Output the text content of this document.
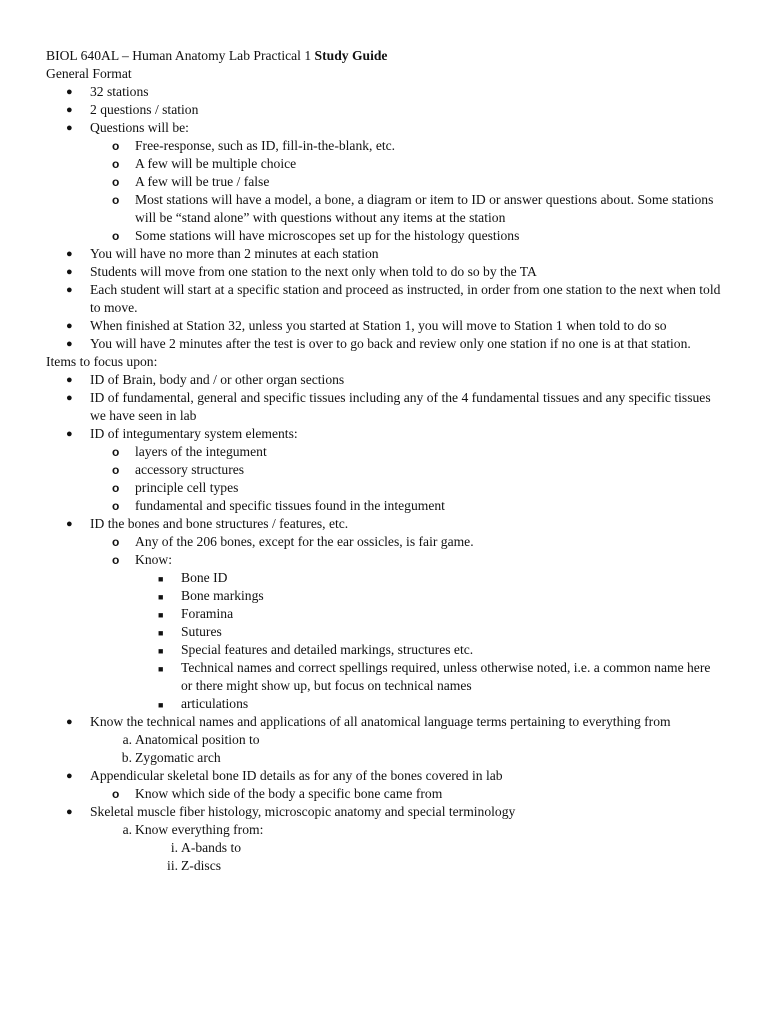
BIOL 640AL – Human Anatomy Lab Practical 1 Study Guide
General Format
● 32 stations
● 2 questions / station
● Questions will be:
o Free-response, such as ID, fill-in-the-blank, etc.
o A few will be multiple choice
o A few will be true / false
o Most stations will have a model, a bone, a diagram or item to ID or answer questions about. Some stations will be “stand alone” with questions without any items at the station
o Some stations will have microscopes set up for the histology questions
● You will have no more than 2 minutes at each station
● Students will move from one station to the next only when told to do so by the TA
● Each student will start at a specific station and proceed as instructed, in order from one station to the next when told to move.
● When finished at Station 32, unless you started at Station 1, you will move to Station 1 when told to do so
● You will have 2 minutes after the test is over to go back and review only one station if no one is at that station.
Items to focus upon:
● ID of Brain, body and / or other organ sections
● ID of fundamental, general and specific tissues including any of the 4 fundamental tissues and any specific tissues we have seen in lab
● ID of integumentary system elements:
o layers of the integument
o accessory structures
o principle cell types
o fundamental and specific tissues found in the integument
● ID the bones and bone structures / features, etc.
o Any of the 206 bones, except for the ear ossicles, is fair game.
o Know:
■ Bone ID
■ Bone markings
■ Foramina
■ Sutures
■ Special features and detailed markings, structures etc.
■ Technical names and correct spellings required, unless otherwise noted, i.e. a common name here or there might show up, but focus on technical names
■ articulations
● Know the technical names and applications of all anatomical language terms pertaining to everything from
a. Anatomical position to
b. Zygomatic arch
● Appendicular skeletal bone ID details as for any of the bones covered in lab
o Know which side of the body a specific bone came from
● Skeletal muscle fiber histology, microscopic anatomy and special terminology
a. Know everything from:
i. A-bands to
ii. Z-discs
